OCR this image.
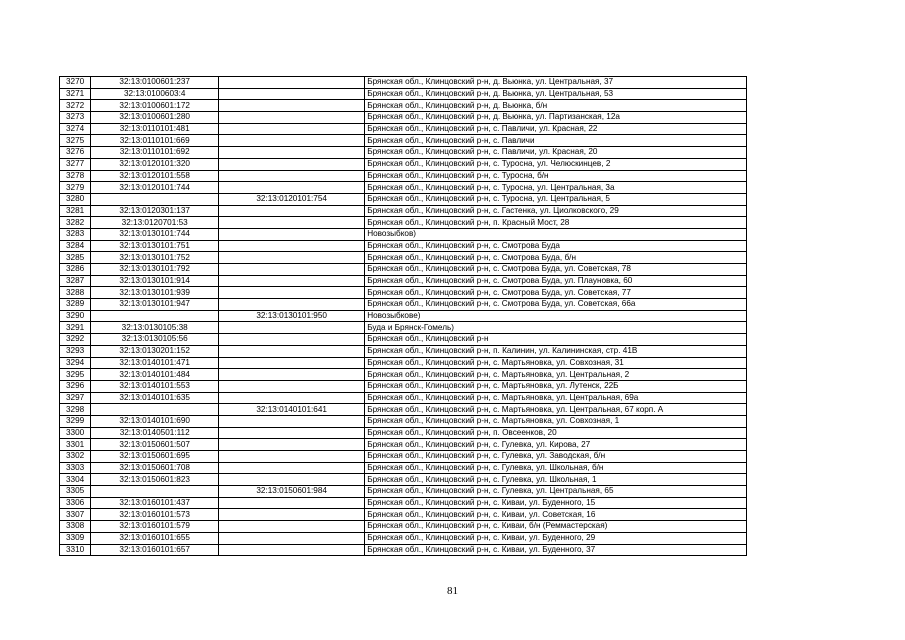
3270	32:13:0100601:237		Брянская обл., Клинцовский р-н, д. Вьюнка, ул. Центральная, 37
3271	32:13:0100603:4		Брянская обл., Клинцовский р-н, д. Вьюнка, ул. Центральная, 53
3272	32:13:0100601:172		Брянская обл., Клинцовский р-н, д. Вьюнка, б/н
3273	32:13:0100601:280		Брянская обл., Клинцовский р-н, д. Вьюнка, ул. Партизанская, 12а
3274	32:13:0110101:481		Брянская обл., Клинцовский р-н, с. Павличи, ул. Красная, 22
3275	32:13:0110101:669		Брянская обл., Клинцовский р-н, с. Павличи
3276	32:13:0110101:692		Брянская обл., Клинцовский р-н, с. Павличи, ул. Красная, 20
3277	32:13:0120101:320		Брянская обл., Клинцовский р-н, с. Туросна, ул. Челюскинцев, 2
3278	32:13:0120101:558		Брянская обл., Клинцовский р-н, с. Туросна, б/н
3279	32:13:0120101:744		Брянская обл., Клинцовский р-н, с. Туросна, ул. Центральная, 3а
3280		32:13:0120101:754	Брянская обл., Клинцовский р-н, с. Туросна, ул. Центральная, 5
3281	32:13:0120301:137		Брянская обл., Клинцовский р-н, с. Гастенка, ул. Циолковского, 29
3282	32:13:0120701:53		Брянская обл., Клинцовский р-н, п. Красный Мост, 28
3283	32:13:0130101:744		Новозыбков)
3284	32:13:0130101:751		Брянская обл., Клинцовский р-н, с. Смотрова Буда
3285	32:13:0130101:752		Брянская обл., Клинцовский р-н, с. Смотрова Буда, б/н
3286	32:13:0130101:792		Брянская обл., Клинцовский р-н, с. Смотрова Буда, ул. Советская, 78
3287	32:13:0130101:914		Брянская обл., Клинцовский р-н, с. Смотрова Буда, ул. Плауновка, 60
3288	32:13:0130101:939		Брянская обл., Клинцовский р-н, с. Смотрова Буда, ул. Советская, 77
3289	32:13:0130101:947		Брянская обл., Клинцовский р-н, с. Смотрова Буда, ул. Советская, 66а
3290		32:13:0130101:950	Новозыбкове)
3291	32:13:0130105:38		Буда и Брянск-Гомель)
3292	32:13:0130105:56		Брянская обл., Клинцовский р-н
3293	32:13:0130201:152		Брянская обл., Клинцовский р-н, п. Калинин, ул. Калининская, стр. 41В
3294	32:13:0140101:471		Брянская обл., Клинцовский р-н, с. Мартьяновка, ул. Совхозная, 31
3295	32:13:0140101:484		Брянская обл., Клинцовский р-н, с. Мартьяновка, ул. Центральная, 2
3296	32:13:0140101:553		Брянская обл., Клинцовский р-н, с. Мартьяновка, ул. Лутенск, 22Б
3297	32:13:0140101:635		Брянская обл., Клинцовский р-н, с. Мартьяновка, ул. Центральная, 69а
3298		32:13:0140101:641	Брянская обл., Клинцовский р-н, с. Мартьяновка, ул. Центральная, 67 корп. А
3299	32:13:0140101:690		Брянская обл., Клинцовский р-н, с. Мартьяновка, ул. Совхозная, 1
3300	32:13:0140501:112		Брянская обл., Клинцовский р-н, п. Овсеенков, 20
3301	32:13:0150601:507		Брянская обл., Клинцовский р-н, с. Гулевка, ул. Кирова, 27
3302	32:13:0150601:695		Брянская обл., Клинцовский р-н, с. Гулевка, ул. Заводская, б/н
3303	32:13:0150601:708		Брянская обл., Клинцовский р-н, с. Гулевка, ул. Школьная, б/н
3304	32:13:0150601:823		Брянская обл., Клинцовский р-н, с. Гулевка, ул. Школьная, 1
3305		32:13:0150601:984	Брянская обл., Клинцовский р-н, с. Гулевка, ул. Центральная, 65
3306	32:13:0160101:437		Брянская обл., Клинцовский р-н, с. Киваи, ул. Буденного, 15
3307	32:13:0160101:573		Брянская обл., Клинцовский р-н, с. Киваи, ул. Советская, 16
3308	32:13:0160101:579		Брянская обл., Клинцовский р-н, с. Киваи, б/н (Реммастерская)
3309	32:13:0160101:655		Брянская обл., Клинцовский р-н, с. Киваи, ул. Буденного, 29
3310	32:13:0160101:657		Брянская обл., Клинцовский р-н, с. Киваи, ул. Буденного, 37
81
